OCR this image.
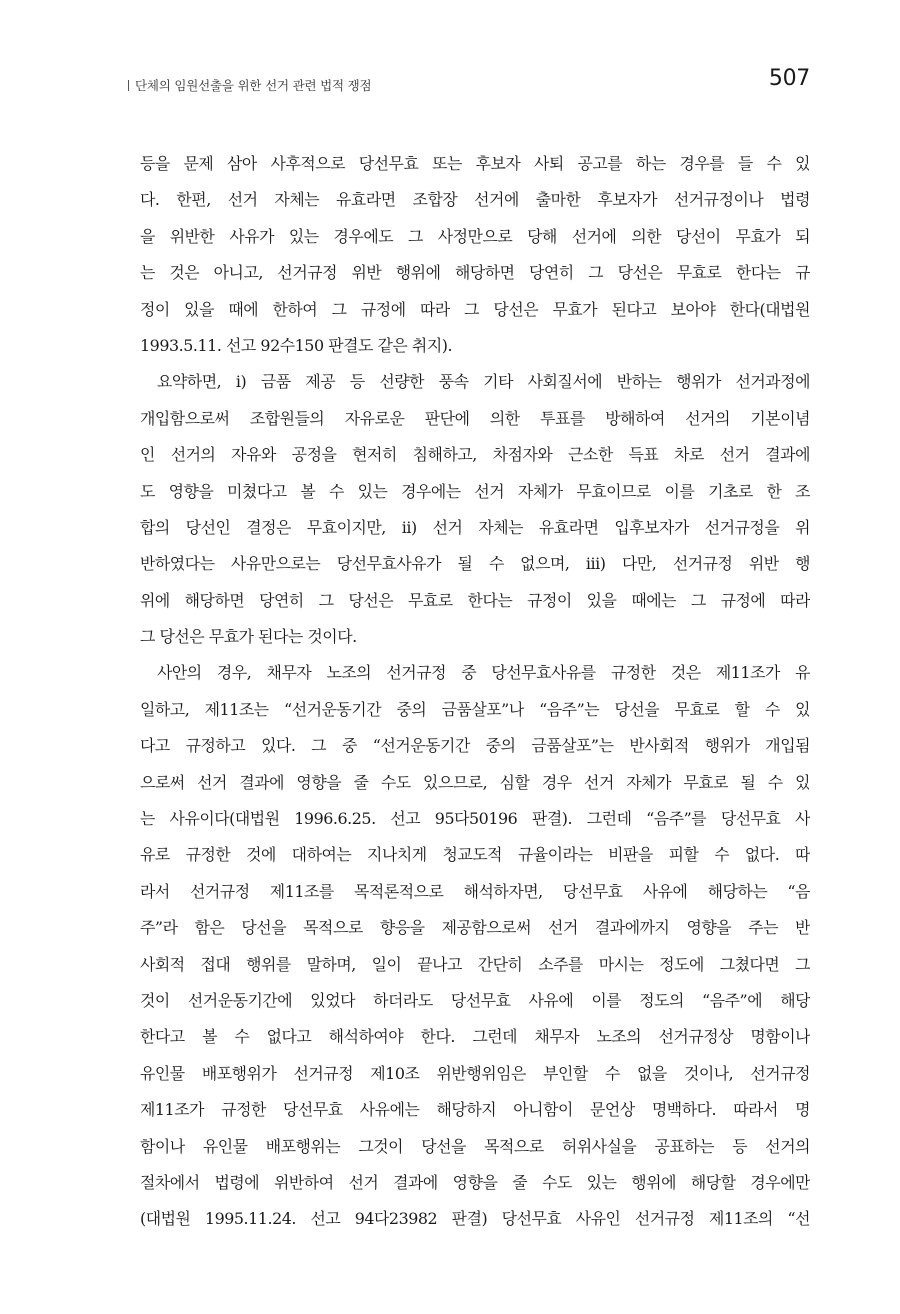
단체의 임원선출을 위한 선거 관련 법적 쟁점	507
등을 문제 삼아 사후적으로 당선무효 또는 후보자 사퇴 공고를 하는 경우를 들 수 있
다. 한편, 선거 자체는 유효라면 조합장 선거에 출마한 후보자가 선거규정이나 법령
을 위반한 사유가 있는 경우에도 그 사정만으로 당해 선거에 의한 당선이 무효가 되
는 것은 아니고, 선거규정 위반 행위에 해당하면 당연히 그 당선은 무효로 한다는 규
정이 있을 때에 한하여 그 규정에 따라 그 당선은 무효가 된다고 보아야 한다(대법원
1993.5.11. 선고 92수150 판결도 같은 취지).
요약하면, i) 금품 제공 등 선량한 풍속 기타 사회질서에 반하는 행위가 선거과정에
개입함으로써 조합원들의 자유로운 판단에 의한 투표를 방해하여 선거의 기본이념
인 선거의 자유와 공정을 현저히 침해하고, 차점자와 근소한 득표 차로 선거 결과에
도 영향을 미쳤다고 볼 수 있는 경우에는 선거 자체가 무효이므로 이를 기초로 한 조
합의 당선인 결정은 무효이지만, ii) 선거 자체는 유효라면 입후보자가 선거규정을 위
반하였다는 사유만으로는 당선무효사유가 될 수 없으며, iii) 다만, 선거규정 위반 행
위에 해당하면 당연히 그 당선은 무효로 한다는 규정이 있을 때에는 그 규정에 따라
그 당선은 무효가 된다는 것이다.
사안의 경우, 채무자 노조의 선거규정 중 당선무효사유를 규정한 것은 제11조가 유
일하고, 제11조는 “선거운동기간 중의 금품살포”나 “음주”는 당선을 무효로 할 수 있
다고 규정하고 있다. 그 중 “선거운동기간 중의 금품살포”는 반사회적 행위가 개입됨
으로써 선거 결과에 영향을 줄 수도 있으므로, 심할 경우 선거 자체가 무효로 될 수 있
는 사유이다(대법원 1996.6.25. 선고 95다50196 판결). 그런데 “음주”를 당선무효 사
유로 규정한 것에 대하여는 지나치게 청교도적 규율이라는 비판을 피할 수 없다. 따
라서 선거규정 제11조를 목적론적으로 해석하자면, 당선무효 사유에 해당하는 “음
주”라 함은 당선을 목적으로 향응을 제공함으로써 선거 결과에까지 영향을 주는 반
사회적 접대 행위를 말하며, 일이 끝나고 간단히 소주를 마시는 정도에 그쳤다면 그
것이 선거운동기간에 있었다 하더라도 당선무효 사유에 이를 정도의 “음주”에 해당
한다고 볼 수 없다고 해석하여야 한다. 그런데 채무자 노조의 선거규정상 명함이나
유인물 배포행위가 선거규정 제10조 위반행위임은 부인할 수 없을 것이나, 선거규정
제11조가 규정한 당선무효 사유에는 해당하지 아니함이 문언상 명백하다. 따라서 명
함이나 유인물 배포행위는 그것이 당선을 목적으로 허위사실을 공표하는 등 선거의
절차에서 법령에 위반하여 선거 결과에 영향을 줄 수도 있는 행위에 해당할 경우에만
(대법원 1995.11.24. 선고 94다23982 판결) 당선무효 사유인 선거규정 제11조의 “선
